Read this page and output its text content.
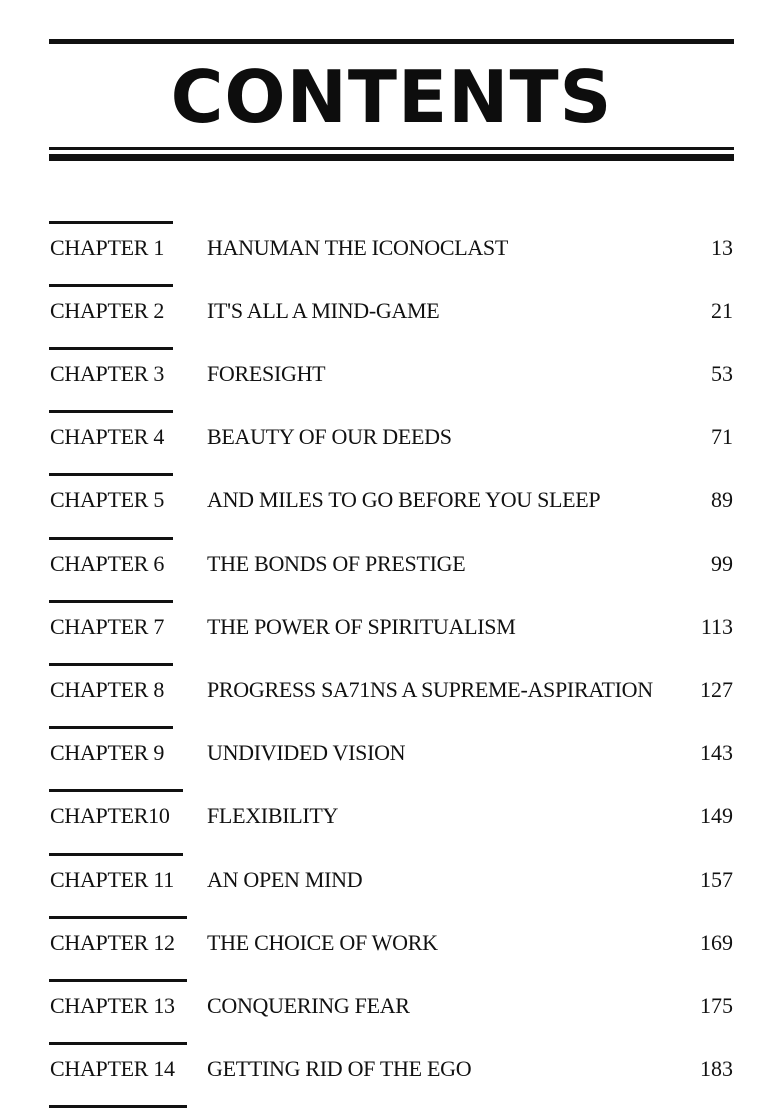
CONTENTS
CHAPTER 1 HANUMAN THE ICONOCLAST	13
CHAPTER 2 IT'S ALL A MIND-GAME	21
CHAPTER 3 FORESIGHT	53
CHAPTER 4 BEAUTY OF OUR DEEDS	71
CHAPTER 5 AND MILES TO GO BEFORE YOU SLEEP	89
CHAPTER 6 THE BONDS OF PRESTIGE	99
CHAPTER 7 THE POWER OF SPIRITUALISM	113
CHAPTER 8 PROGRESS SA71NS A SUPREME-ASPIRATION 127
CHAPTER 9 UNDIVIDED VISION	143
CHAPTER10 FLEXIBILITY	149
CHAPTER 11 AN OPEN MIND	157
CHAPTER 12 THE CHOICE OF WORK	169
CHAPTER 13 CONQUERING FEAR	175
CHAPTER 14 GETTING RID OF THE EGO	183
